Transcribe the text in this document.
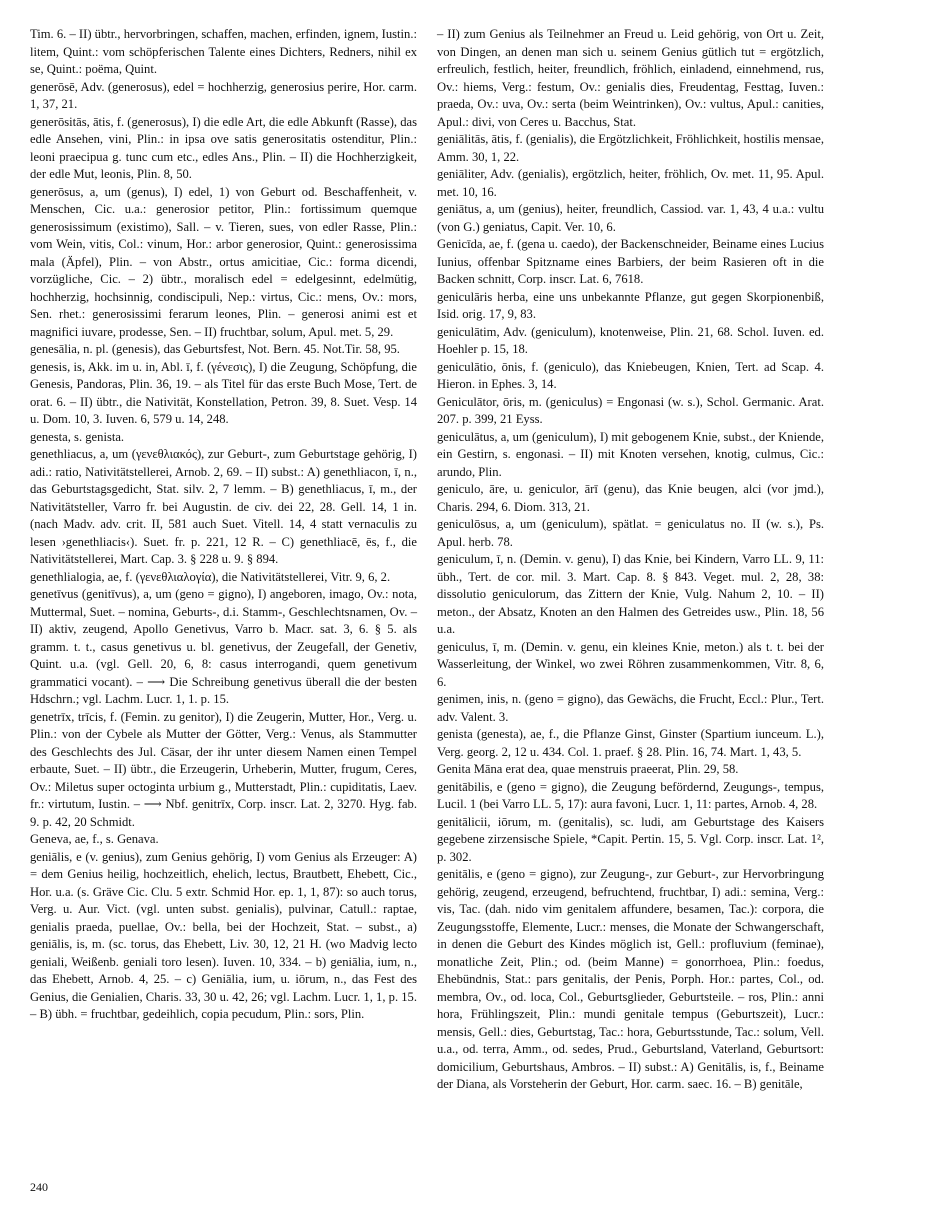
Tim. 6. – II) übtr., hervorbringen, schaffen, machen, erfinden, ignem, Iustin.: litem, Quint.: vom schöpferischen Talente eines Dichters, Redners, nihil ex se, Quint.: poëma, Quint.

generōsē, Adv. (generosus), edel = hochherzig, generosius perire, Hor. carm. 1, 37, 21.

generōsitās, ātis, f. (generosus), I) die edle Art, die edle Abkunft (Rasse), das edle Ansehen, vini, Plin.: in ipsa ove satis generositatis ostenditur, Plin.: leoni praecipua g. tunc cum etc., edles Ans., Plin. – II) die Hochherzigkeit, der edle Mut, leonis, Plin. 8, 50.

generōsus, a, um (genus), I) edel, 1) von Geburt od. Beschaffenheit, v. Menschen, Cic. u.a.: generosior petitor, Plin.: fortissimum quemque generosissimum (existimo), Sall. – v. Tieren, sues, von edler Rasse, Plin.: vom Wein, vitis, Col.: vinum, Hor.: arbor generosior, Quint.: generosissima mala (Äpfel), Plin. – von Abstr., ortus amicitiae, Cic.: forma dicendi, vorzügliche, Cic. – 2) übtr., moralisch edel = edelgesinnt, edelmütig, hochherzig, hochsinnig, condiscipuli, Nep.: virtus, Cic.: mens, Ov.: mors, Sen. rhet.: generosissimi ferarum leones, Plin. – generosi animi est et magnifici iuvare, prodesse, Sen. – II) fruchtbar, solum, Apul. met. 5, 29.

genesālia, n. pl. (genesis), das Geburtsfest, Not. Bern. 45. Not.Tir. 58, 95.

genesis, is, Akk. im u. in, Abl. ī, f. (γένεσις), I) die Zeugung, Schöpfung, die Genesis, Pandoras, Plin. 36, 19. – als Titel für das erste Buch Mose, Tert. de orat. 6. – II) übtr., die Nativität, Konstellation, Petron. 39, 8. Suet. Vesp. 14 u. Dom. 10, 3. Iuven. 6, 579 u. 14, 248.

genesta, s. genista.

genethliacus, a, um (γενεθλιακός), zur Geburt-, zum Geburtstage gehörig, I) adi.: ratio, Nativitätstellerei, Arnob. 2, 69. – II) subst.: A) genethliacon, ī, n., das Geburtstagsgedicht, Stat. silv. 2, 7 lemm. – B) genethliacus, ī, m., der Nativitätsteller, Varro fr. bei Augustin. de civ. dei 22, 28. Gell. 14, 1 in. (nach Madv. adv. crit. II, 581 auch Suet. Vitell. 14, 4 statt vernaculis zu lesen ›genethliacis‹). Suet. fr. p. 221, 12 R. – C) genethliacē, ēs, f., die Nativitätstellerei, Mart. Cap. 3. § 228 u. 9. § 894.

genethlialogia, ae, f. (γενεθλιαλογία), die Nativitätstellerei, Vitr. 9, 6, 2.

genetīvus (genitīvus), a, um (geno = gigno), I) angeboren, imago, Ov.: nota, Muttermal, Suet. – nomina, Geburts-, d.i. Stamm-, Geschlechtsnamen, Ov. – II) aktiv, zeugend, Apollo Genetivus, Varro b. Macr. sat. 3, 6. § 5. als gramm. t. t., casus genetivus u. bl. genetivus, der Zeugefall, der Genetiv, Quint. u.a. (vgl. Gell. 20, 6, 8: casus interrogandi, quem genetivum grammatici vocant). – ⟶ Die Schreibung genetivus überall die der besten Hdschrn.; vgl. Lachm. Lucr. 1, 1. p. 15.

genetrīx, trīcis, f. (Femin. zu genitor), I) die Zeugerin, Mutter, Hor., Verg. u. Plin.: von der Cybele als Mutter der Götter, Verg.: Venus, als Stammutter des Geschlechts des Jul. Cäsar, der ihr unter diesem Namen einen Tempel erbaute, Suet. – II) übtr., die Erzeugerin, Urheberin, Mutter, frugum, Ceres, Ov.: Miletus super octoginta urbium g., Mutterstadt, Plin.: cupiditatis, Laev. fr.: virtutum, Iustin. – ⟶ Nbf. genitrīx, Corp. inscr. Lat. 2, 3270. Hyg. fab. 9. p. 42, 20 Schmidt.

Geneva, ae, f., s. Genava.

geniālis, e (v. genius), zum Genius gehörig, I) vom Genius als Erzeuger: A) = dem Genius heilig, hochzeitlich, ehelich, lectus, Brautbett, Ehebett, Cic., Hor. u.a. (s. Gräve Cic. Clu. 5 extr. Schmid Hor. ep. 1, 1, 87): so auch torus, Verg. u. Aur. Vict. (vgl. unten subst. genialis), pulvinar, Catull.: raptae, genialis praeda, puellae, Ov.: bella, bei der Hochzeit, Stat. – subst., a) geniālis, is, m. (sc. torus, das Ehebett, Liv. 30, 12, 21 H. (wo Madvig lecto geniali, Weißenb. geniali toro lesen). Iuven. 10, 334. – b) geniālia, ium, n., das Ehebett, Arnob. 4, 25. – c) Geniālia, ium, u. iōrum, n., das Fest des Genius, die Genialien, Charis. 33, 30 u. 42, 26; vgl. Lachm. Lucr. 1, 1, p. 15. – B) übh. = fruchtbar, gedeihlich, copia pecudum, Plin.: sors, Plin.

– II) zum Genius als Teilnehmer an Freud u. Leid gehörig, von Ort u. Zeit, von Dingen, an denen man sich u. seinem Genius gütlich tut = ergötzlich, erfreulich, festlich, heiter, freundlich, fröhlich, einladend, einnehmend, rus, Ov.: hiems, Verg.: festum, Ov.: genialis dies, Freudentag, Festtag, Iuven.: praeda, Ov.: uva, Ov.: serta (beim Weintrinken), Ov.: vultus, Apul.: canities, Apul.: divi, von Ceres u. Bacchus, Stat.

geniālitās, ātis, f. (genialis), die Ergötzlichkeit, Fröhlichkeit, hostilis mensae, Amm. 30, 1, 22.

geniāliter, Adv. (genialis), ergötzlich, heiter, fröhlich, Ov. met. 11, 95. Apul. met. 10, 16.

geniātus, a, um (genius), heiter, freundlich, Cassiod. var. 1, 43, 4 u.a.: vultu (von G.) geniatus, Capit. Ver. 10, 6.

Genicīda, ae, f. (gena u. caedo), der Backenschneider, Beiname eines Lucius Iunius, offenbar Spitzname eines Barbiers, der beim Rasieren oft in die Backen schnitt, Corp. inscr. Lat. 6, 7618.

geniculāris herba, eine uns unbekannte Pflanze, gut gegen Skorpionenbiß, Isid. orig. 17, 9, 83.

geniculātim, Adv. (geniculum), knotenweise, Plin. 21, 68. Schol. Iuven. ed. Hoehler p. 15, 18.

geniculātio, ōnis, f. (geniculo), das Kniebeugen, Knien, Tert. ad Scap. 4. Hieron. in Ephes. 3, 14.

Geniculātor, ōris, m. (geniculus) = Engonasi (w. s.), Schol. Germanic. Arat. 207. p. 399, 21 Eyss.

geniculātus, a, um (geniculum), I) mit gebogenem Knie, subst., der Kniende, ein Gestirn, s. engonasi. – II) mit Knoten versehen, knotig, culmus, Cic.: arundo, Plin.

geniculo, āre, u. geniculor, ārī (genu), das Knie beugen, alci (vor jmd.), Charis. 294, 6. Diom. 313, 21.

geniculōsus, a, um (geniculum), spätlat. = geniculatus no. II (w. s.), Ps. Apul. herb. 78.

geniculum, ī, n. (Demin. v. genu), I) das Knie, bei Kindern, Varro LL. 9, 11: übh., Tert. de cor. mil. 3. Mart. Cap. 8. § 843. Veget. mul. 2, 28, 38: dissolutio geniculorum, das Zittern der Knie, Vulg. Nahum 2, 10. – II) meton., der Absatz, Knoten an den Halmen des Getreides usw., Plin. 18, 56 u.a.

geniculus, ī, m. (Demin. v. genu, ein kleines Knie, meton.) als t. t. bei der Wasserleitung, der Winkel, wo zwei Röhren zusammenkommen, Vitr. 8, 6, 6.

genimen, inis, n. (geno = gigno), das Gewächs, die Frucht, Eccl.: Plur., Tert. adv. Valent. 3.

genista (genesta), ae, f., die Pflanze Ginst, Ginster (Spartium iunceum. L.), Verg. georg. 2, 12 u. 434. Col. 1. praef. § 28. Plin. 16, 74. Mart. 1, 43, 5.

Genita Māna erat dea, quae menstruis praeerat, Plin. 29, 58.

genitābilis, e (geno = gigno), die Zeugung befördernd, Zeugungs-, tempus, Lucil. 1 (bei Varro LL. 5, 17): aura favoni, Lucr. 1, 11: partes, Arnob. 4, 28.

genitālicii, iōrum, m. (genitalis), sc. ludi, am Geburtstage des Kaisers gegebene zirzensische Spiele, *Capit. Pertin. 15, 5. Vgl. Corp. inscr. Lat. 1², p. 302.

genitālis, e (geno = gigno), zur Zeugung-, zur Geburt-, zur Hervorbringung gehörig, zeugend, erzeugend, befruchtend, fruchtbar, I) adi.: semina, Verg.: vis, Tac. (dah. nido vim genitalem affundere, besamen, Tac.): corpora, die Zeugungsstoffe, Elemente, Lucr.: menses, die Monate der Schwangerschaft, in denen die Geburt des Kindes möglich ist, Gell.: profluvium (feminae), monatliche Zeit, Plin.; od. (beim Manne) = gonorrhoea, Plin.: foedus, Ehebündnis, Stat.: pars genitalis, der Penis, Porph. Hor.: partes, Col., od. membra, Ov., od. loca, Col., Geburtsglieder, Geburtsteile. – ros, Plin.: anni hora, Frühlingszeit, Plin.: mundi genitale tempus (Geburtszeit), Lucr.: mensis, Gell.: dies, Geburtstag, Tac.: hora, Geburtsstunde, Tac.: solum, Vell. u.a., od. terra, Amm., od. sedes, Prud., Geburtsland, Vaterland, Geburtsort: domicilium, Geburtshaus, Ambros. – II) subst.: A) Genitālis, is, f., Beiname der Diana, als Vorsteherin der Geburt, Hor. carm. saec. 16. – B) genitāle,

240
